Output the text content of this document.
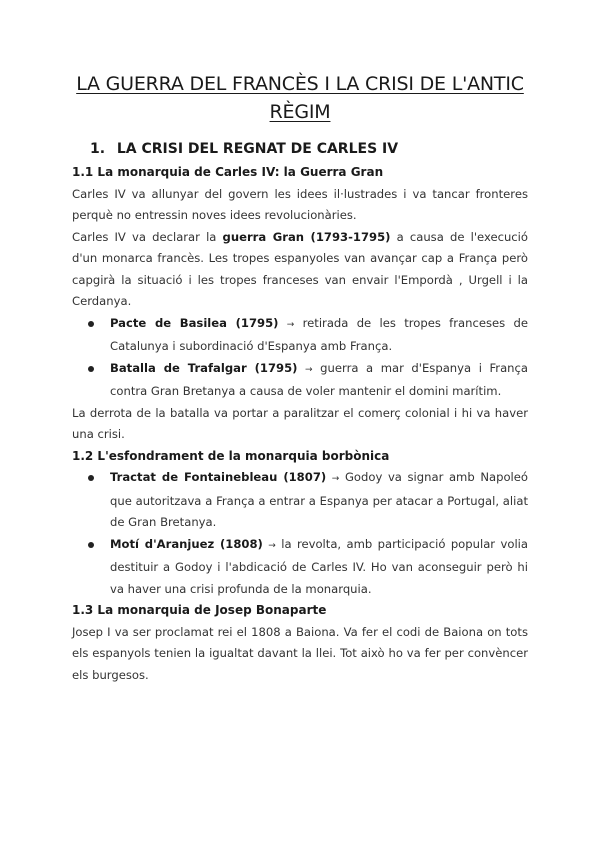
LA GUERRA DEL FRANCÈS I LA CRISI DE L'ANTIC RÈGIM
1. LA CRISI DEL REGNAT DE CARLES IV
1.1 La monarquia de Carles IV: la Guerra Gran

Carles IV va allunyar del govern les idees il·lustrades i va tancar fronteres perquè no entressin noves idees revolucionàries.

Carles IV va declarar la guerra Gran (1793-1795) a causa de l'execució d'un monarca francès. Les tropes espanyoles van avançar cap a França però capgirà la situació i les tropes franceses van envair l'Empordà , Urgell i la Cerdanya.

Pacte de Basilea (1795) → retirada de les tropes franceses de Catalunya i subordinació d'Espanya amb França.
Batalla de Trafalgar (1795) → guerra a mar d'Espanya i França contra Gran Bretanya a causa de voler mantenir el domini marítim.

La derrota de la batalla va portar a paralitzar el comerç colonial i hi va haver una crisi.

1.2 L'esfondrament de la monarquia borbònica
Tractat de Fontainebleau (1807) → Godoy va signar amb Napoleó que autoritzava a França a entrar a Espanya per atacar a Portugal, aliat de Gran Bretanya.
Motí d'Aranjuez (1808) → la revolta, amb participació popular volia destituir a Godoy i l'abdicació de Carles IV. Ho van aconseguir però hi va haver una crisi profunda de la monarquia.
1.3 La monarquia de Josep Bonaparte

Josep I va ser proclamat rei el 1808 a Baiona. Va fer el codi de Baiona on tots els espanyols tenien la igualtat davant la llei. Tot això ho va fer per convèncer els burgesos.
